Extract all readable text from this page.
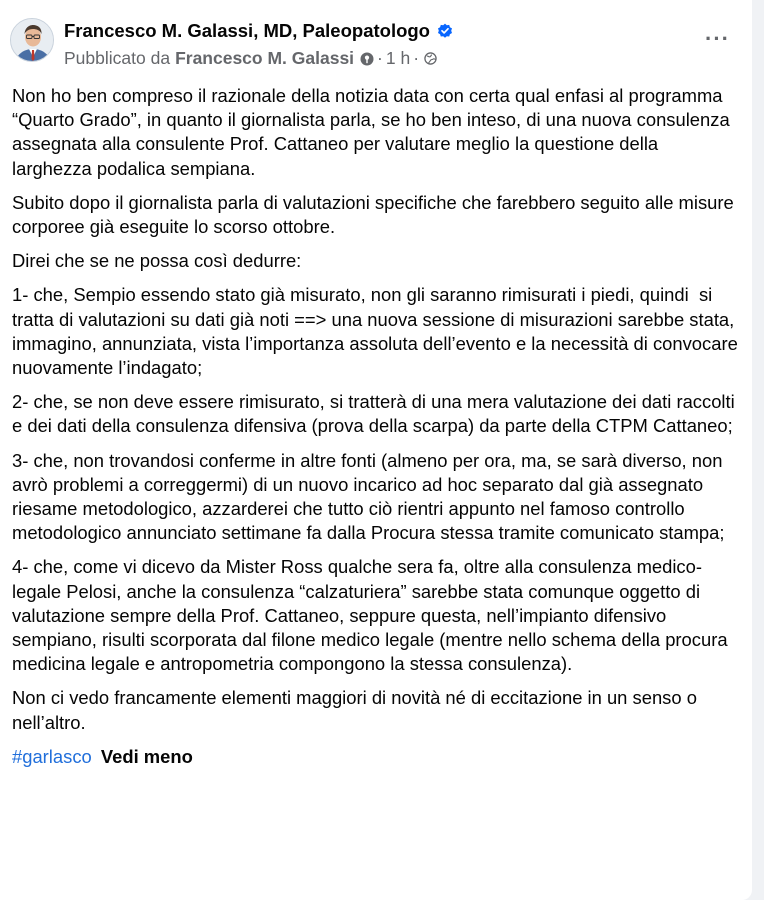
Francesco M. Galassi, MD, Paleopatologo
Pubblicato da Francesco M. Galassi · 1 h ·
···

Non ho ben compreso il razionale della notizia data con certa qual enfasi al programma “Quarto Grado”, in quanto il giornalista parla, se ho ben inteso, di una nuova consulenza assegnata alla consulente Prof. Cattaneo per valutare meglio la questione della larghezza podalica sempiana.

Subito dopo il giornalista parla di valutazioni specifiche che farebbero seguito alle misure corporee già eseguite lo scorso ottobre.

Direi che se ne possa così dedurre:

1- che, Sempio essendo stato già misurato, non gli saranno rimisurati i piedi, quindi  si tratta di valutazioni su dati già noti ==> una nuova sessione di misurazioni sarebbe stata, immagino, annunziata, vista l’importanza assoluta dell’evento e la necessità di convocare nuovamente l’indagato;

2- che, se non deve essere rimisurato, si tratterà di una mera valutazione dei dati raccolti e dei dati della consulenza difensiva (prova della scarpa) da parte della CTPM Cattaneo;

3- che, non trovandosi conferme in altre fonti (almeno per ora, ma, se sarà diverso, non avrò problemi a correggermi) di un nuovo incarico ad hoc separato dal già assegnato riesame metodologico, azzarderei che tutto ciò rientri appunto nel famoso controllo metodologico annunciato settimane fa dalla Procura stessa tramite comunicato stampa;

4- che, come vi dicevo da Mister Ross qualche sera fa, oltre alla consulenza medico-legale Pelosi, anche la consulenza “calzaturiera” sarebbe stata comunque oggetto di valutazione sempre della Prof. Cattaneo, seppure questa, nell’impianto difensivo sempiano, risulti scorporata dal filone medico legale (mentre nello schema della procura medicina legale e antropometria compongono la stessa consulenza).

Non ci vedo francamente elementi maggiori di novità né di eccitazione in un senso o nell’altro.

#garlasco Vedi meno
